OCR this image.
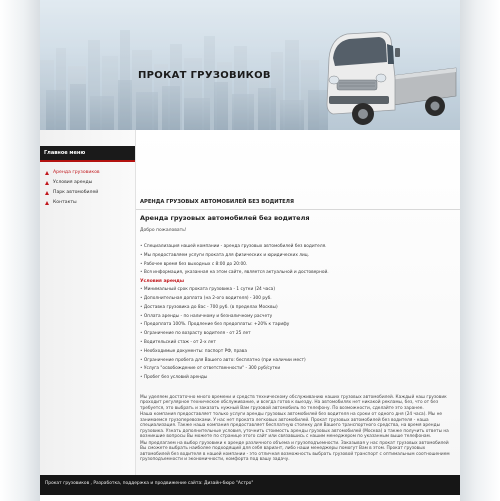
ПРОКАТ ГРУЗОВИКОВ
Главное меню
Аренда грузовиков
Условия аренды
Парк автомобилей
Контакты	АРЕНДА ГРУЗОВЫХ АВТОМОБИЛЕЙ БЕЗ ВОДИТЕЛЯ
Аренда грузовых автомобилей без водителя
Добро пожаловать!
• Специализация нашей компании - аренда грузовых автомобилей без водителя.
• Мы предоставляем услуги проката для физических и юридических лиц.
• Рабочее время без выходных с 8:00 до 20:00.
• Вся информация, указанная на этом сайте, является актуальной и достоверной.
Условия аренды
• Минимальный срок проката грузовика - 1 сутки (24 часа)
• Дополнительная доплата (на 2-ого водителя) - 300 руб.
• Доставка грузовика до 8ас - 700 руб. (в пределах Москвы)
• Оплата аренды - по наличному и безналичному расчету
• Предоплата 100%. Продление без предоплаты: +20% к тарифу
• Ограничение по возрасту водителя - от 25 лет
• Водительский стаж - от 2-х лет
• Необходимые документы: паспорт РФ, права
• Ограничение пробега для Вашего авто: бесплатно (при наличии мест)
• Услуга "освобождение от ответственности" - 300 руб/сутки
• Пробег без условий аренды
Мы уделяем достаточно много времени и средств техническому обслуживанию наших грузовых автомобилей. Каждый наш грузовик проходит регулярное техническое обслуживание, и всегда готов к выезду. На автомобилях нет никакой рекламы, без, что от без требуется, это выбрать и заказать нужный Вам грузовой автомобиль по телефону. По возможности, сделайте это заранее.
Наша компания предоставляет только услуги аренды грузовых автомобилей без водителя на сроки от одного дня (24 часа). Мы не занимаемся грузоперевозками. У нас нет проката легковых автомобилей. Прокат грузовых автомобилей без водителя - наша специализация. Также наша компания предоставляет бесплатную стоянку для Вашего транспортного средства, на время аренды грузовика. Узнать дополнительные условия, уточнить стоимость аренды грузовых автомобилей (Москва) а также получить ответы на возникшие вопросы Вы можете по странице этого сайт или связавшись с нашим менеджером по указанным выше телефонам.
Мы предлагаем на выбор грузовики к аренде различного объема и грузоподъемности. Заказывая у нас прокат грузовых автомобилей Вы сможете выбрать наиболее подходящий для себя вариант, либо наши менеджеры помогут Вам в этом. Прокат грузовых автомобилей без водителя в нашей компании - это отличная возможность выбрать грузовой транспорт с оптимальным соотношением грузоподъемности и экономичности, комфорта под вашу задачу.
Прокат грузовиков , Разработка, поддержка и продвижение сайта: Дизайн-бюро "Астро"
